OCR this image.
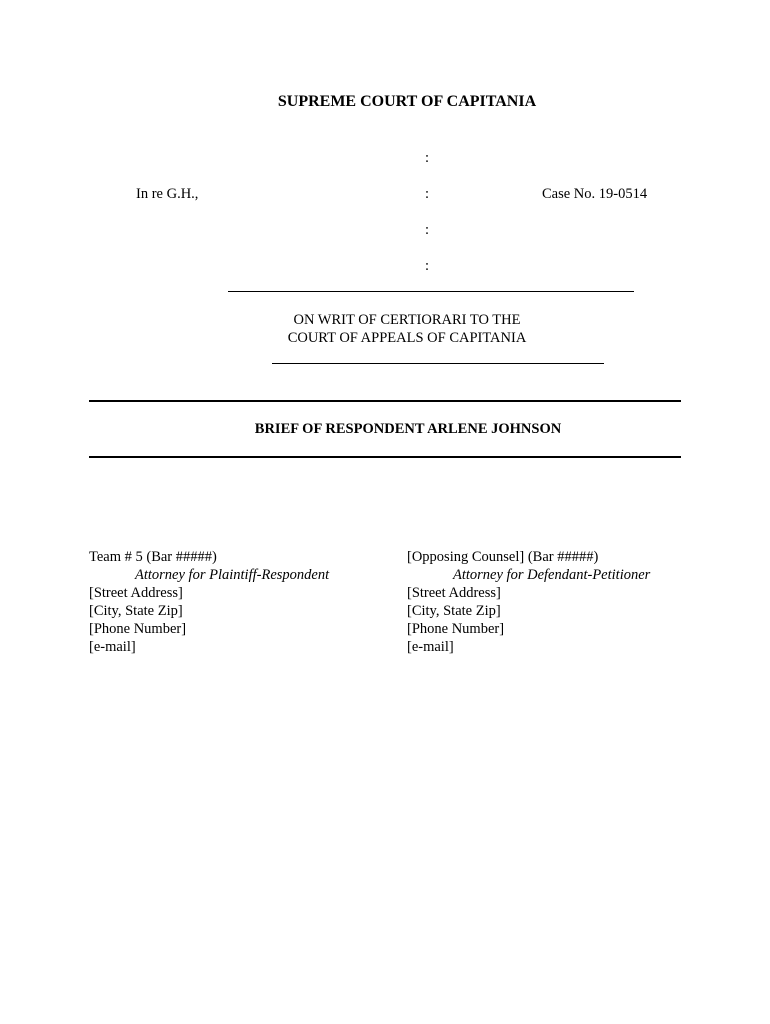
SUPREME COURT OF CAPITANIA
:
In re G.H.,	:	Case No. 19-0514
:
:
ON WRIT OF CERTIORARI TO THE
COURT OF APPEALS OF CAPITANIA
BRIEF OF RESPONDENT ARLENE JOHNSON
Team # 5 (Bar #####)
Attorney for Plaintiff-Respondent
[Street Address]
[City, State Zip]
[Phone Number]
[e-mail]
[Opposing Counsel] (Bar #####)
Attorney for Defendant-Petitioner
[Street Address]
[City, State Zip]
[Phone Number]
[e-mail]
